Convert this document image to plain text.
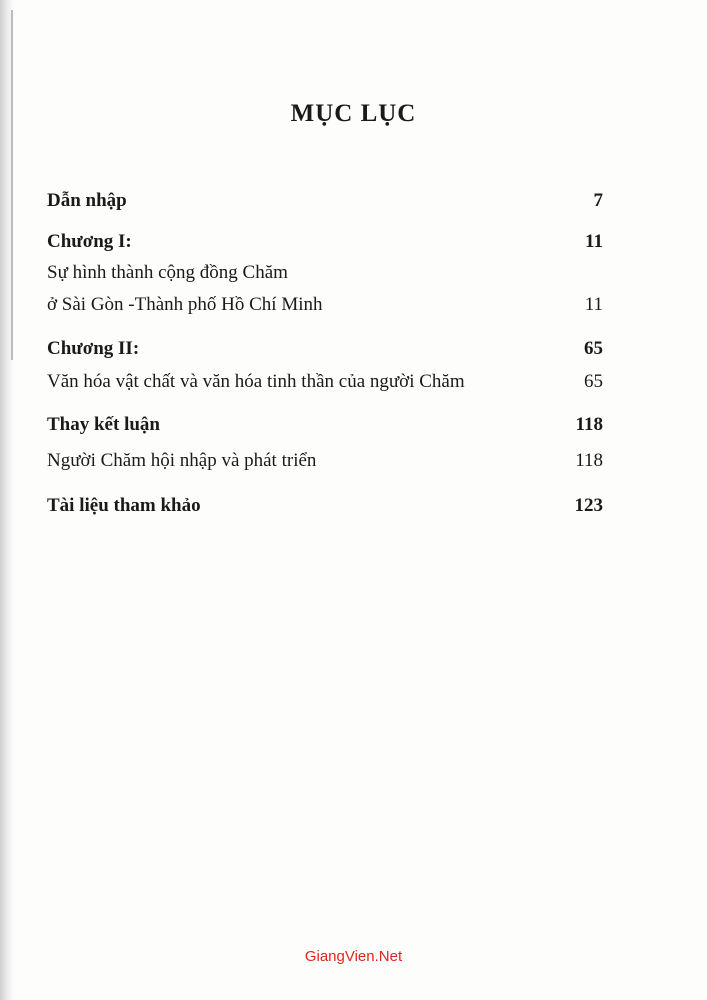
MỤC LỤC
Dẫn nhập	7
Chương I:	11
Sự hình thành cộng đồng Chăm
ở Sài Gòn -Thành phố Hồ Chí Minh	11
Chương II:	65
Văn hóa vật chất và văn hóa tinh thần của người Chăm	65
Thay kết luận	118
Người Chăm hội nhập và phát triển	118
Tài liệu tham khảo	123
GiangVien.Net
